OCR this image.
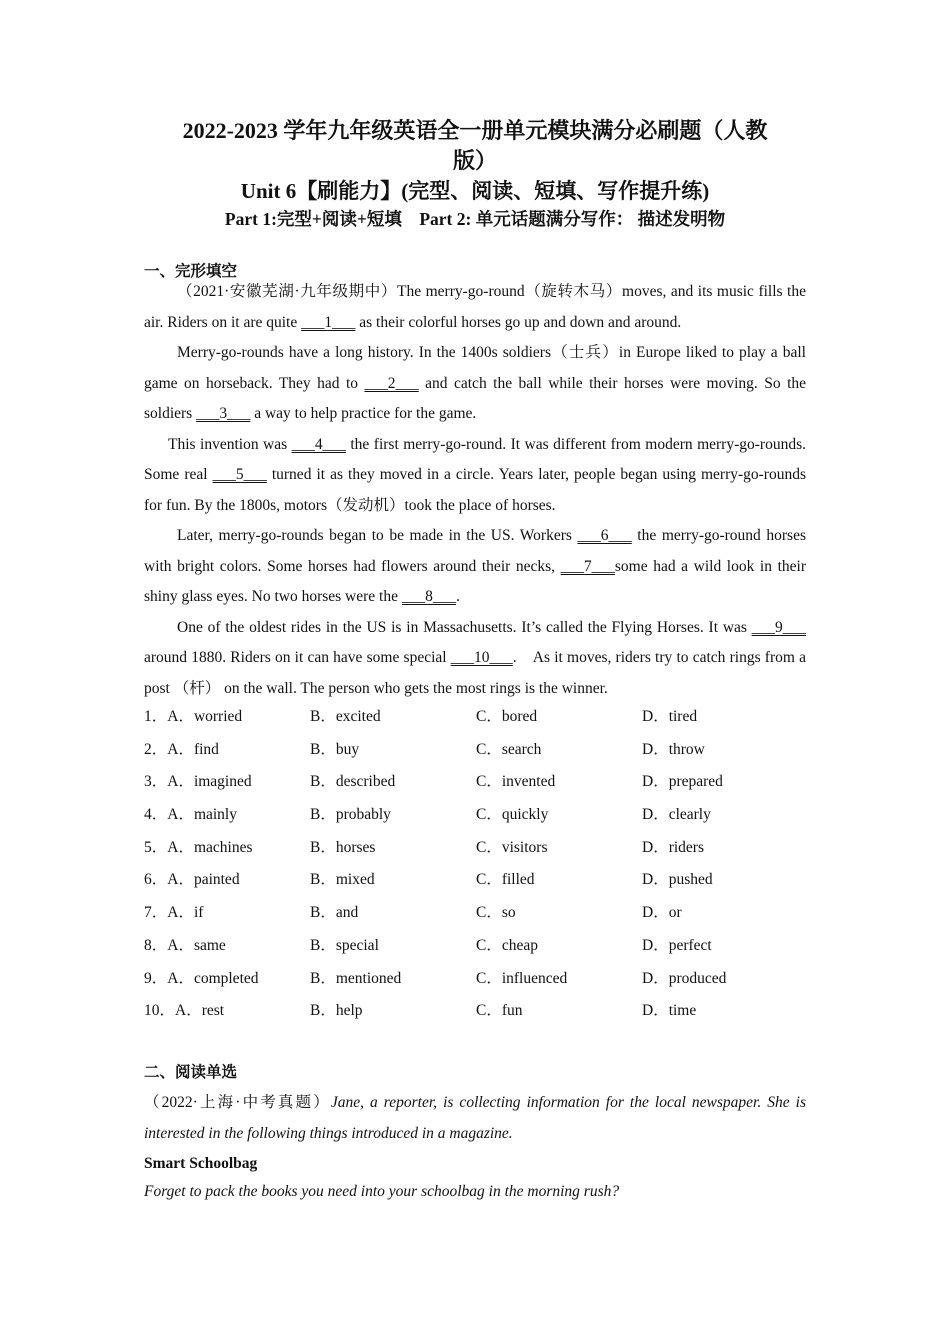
2022-2023 学年九年级英语全一册单元模块满分必刷题（人教
版）
Unit 6【刷能力】(完型、阅读、短填、写作提升练)
Part 1:完型+阅读+短填　Part 2: 单元话题满分写作： 描述发明物
一、完形填空

（2021·安徽芜湖·九年级期中）The merry-go-round（旋转木马）moves, and its music fills the air. Riders on it are quite ___1___ as their colorful horses go up and down and around.

Merry-go-rounds have a long history. In the 1400s soldiers（士兵）in Europe liked to play a ball game on horseback. They had to ___2___ and catch the ball while their horses were moving. So the soldiers ___3___ a way to help practice for the game.

This invention was ___4___ the first merry-go-round. It was different from modern merry-go-rounds. Some real ___5___ turned it as they moved in a circle. Years later, people began using merry-go-rounds for fun. By the 1800s, motors（发动机）took the place of horses.

Later, merry-go-rounds began to be made in the US. Workers ___6___ the merry-go-round horses with bright colors. Some horses had flowers around their necks, ___7___some had a wild look in their shiny glass eyes. No two horses were the ___8___.

One of the oldest rides in the US is in Massachusetts. It’s called the Flying Horses. It was ___9___ around 1880. Riders on it can have some special ___10___.　As it moves, riders try to catch rings from a post （杆） on the wall. The person who gets the most rings is the winner.

1．A．worried	B．excited	C．bored	D．tired
2．A．find	B．buy	C．search	D．throw
3．A．imagined	B．described	C．invented	D．prepared
4．A．mainly	B．probably	C．quickly	D．clearly
5．A．machines	B．horses	C．visitors	D．riders
6．A．painted	B．mixed	C．filled	D．pushed
7．A．if	B．and	C．so	D．or
8．A．same	B．special	C．cheap	D．perfect
9．A．completed	B．mentioned	C．influenced	D．produced
10．A．rest	B．help	C．fun	D．time
二、阅读单选

（2022·上海·中考真题）Jane, a reporter, is collecting information for the local newspaper. She is interested in the following things introduced in a magazine.

Smart Schoolbag
Forget to pack the books you need into your schoolbag in the morning rush?
